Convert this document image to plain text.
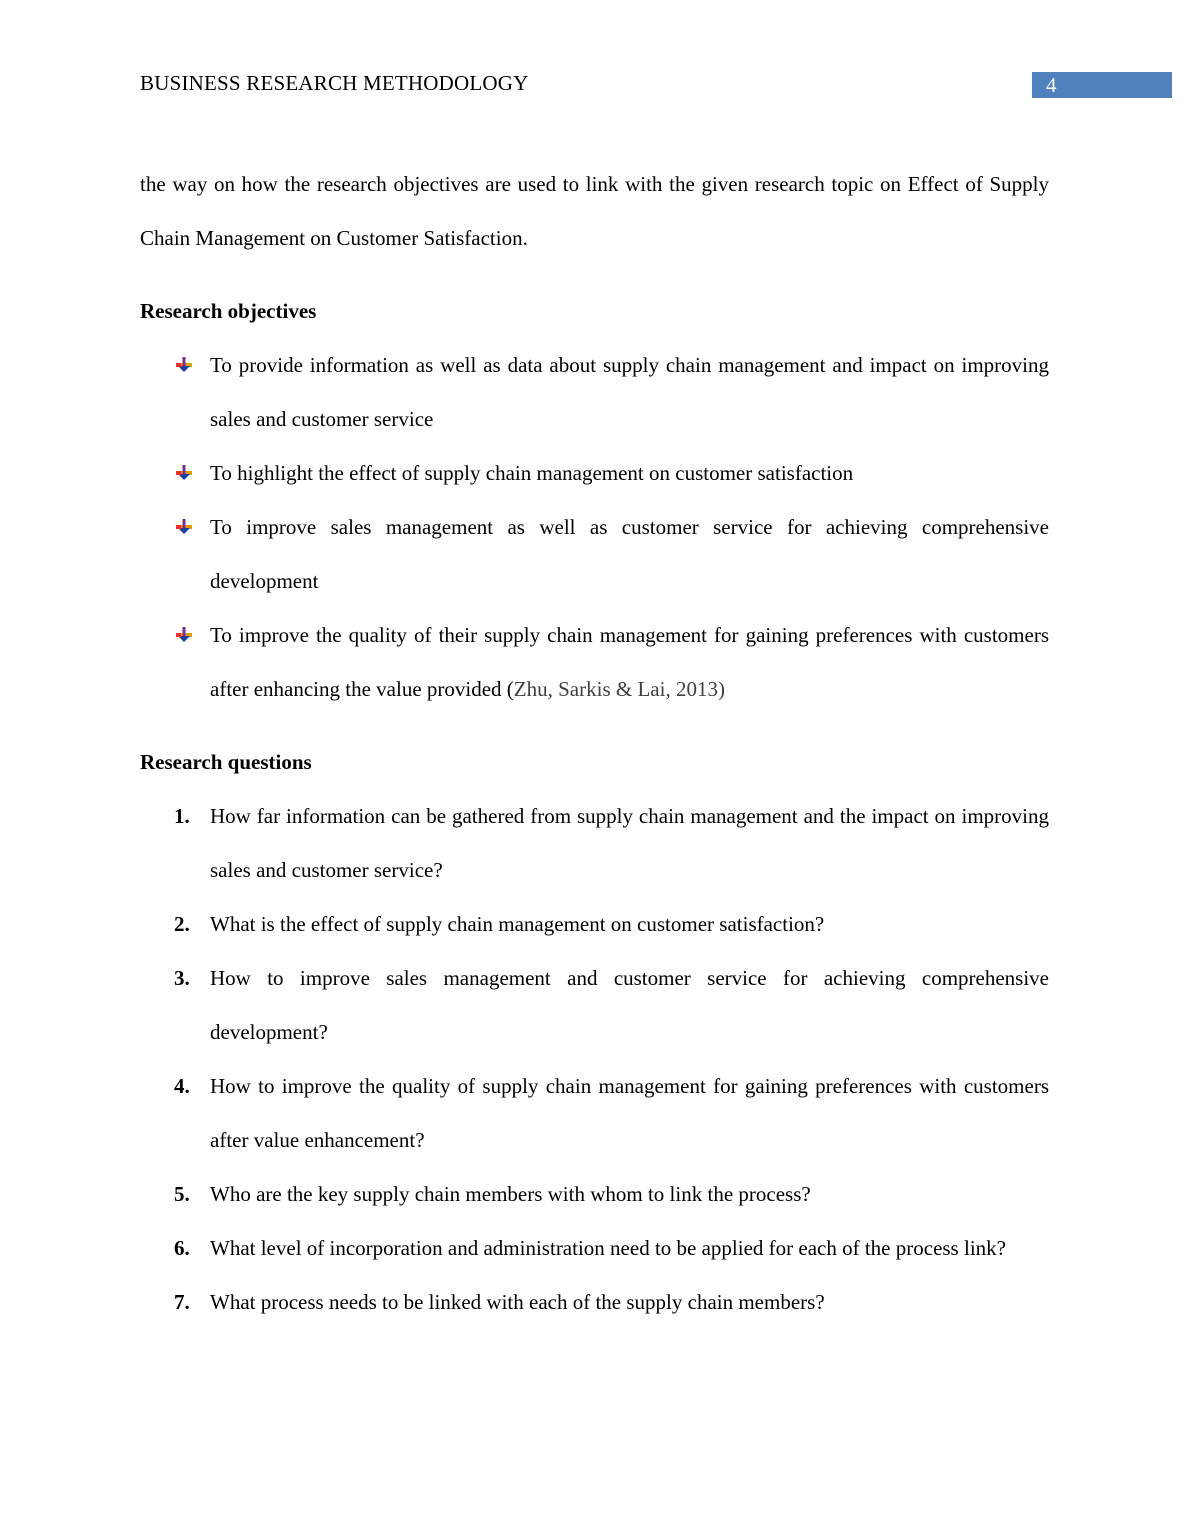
BUSINESS RESEARCH METHODOLOGY	4

the way on how the research objectives are used to link with the given research topic on Effect of Supply Chain Management on Customer Satisfaction.

Research objectives
To provide information as well as data about supply chain management and impact on improving sales and customer service
To highlight the effect of supply chain management on customer satisfaction
To improve sales management as well as customer service for achieving comprehensive development
To improve the quality of their supply chain management for gaining preferences with customers after enhancing the value provided (Zhu, Sarkis & Lai, 2013)
Research questions
1. How far information can be gathered from supply chain management and the impact on improving sales and customer service?
2. What is the effect of supply chain management on customer satisfaction?
3. How to improve sales management and customer service for achieving comprehensive development?
4. How to improve the quality of supply chain management for gaining preferences with customers after value enhancement?
5. Who are the key supply chain members with whom to link the process?
6. What level of incorporation and administration need to be applied for each of the process link?
7. What process needs to be linked with each of the supply chain members?
